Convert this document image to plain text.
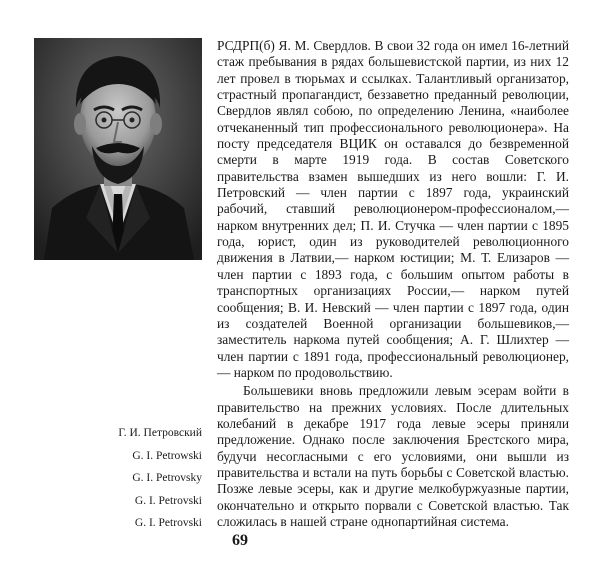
РСДРП(б) Я. М. Свердлов. В свои 32 года он имел 16-летний стаж пребывания в рядах большевистской партии, из них 12 лет провел в тюрьмах и ссылках. Талантливый организатор, страстный пропагандист, беззаветно преданный революции, Свердлов являл собою, по определению Ленина, «наиболее отчеканенный тип профессионального революционера». На посту председателя ВЦИК он оставался до безвременной смерти в марте 1919 года. В состав Советского правительства взамен вышедших из него вошли: Г. И. Петровский — член партии с 1897 года, украинский рабочий, ставший революционером-профессионалом,— нарком внутренних дел; П. И. Стучка — член партии с 1895 года, юрист, один из руководителей революционного движения в Латвии,— нарком юстиции; М. Т. Елизаров — член партии с 1893 года, с большим опытом работы в транспортных организациях России,— нарком путей сообщения; В. И. Невский — член партии с 1897 года, один из создателей Военной организации большевиков,— заместитель наркома путей сообщения; А. Г. Шлихтер — член партии с 1891 года, профессиональный революционер,— нарком по продовольствию.

Большевики вновь предложили левым эсерам войти в правительство на прежних условиях. После длительных колебаний в декабре 1917 года левые эсеры приняли предложение. Однако после заключения Брестского мира, будучи несогласными с его условиями, они вышли из правительства и встали на путь борьбы с Советской властью. Позже левые эсеры, как и другие мелкобуржуазные партии, окончательно и открыто порвали с Советской властью. Так сложилась в нашей стране однопартийная система.

Г. И. Петровский
G. I. Petrowski
G. I. Petrovsky
G. I. Petrovski
G. I. Petrovski
69
